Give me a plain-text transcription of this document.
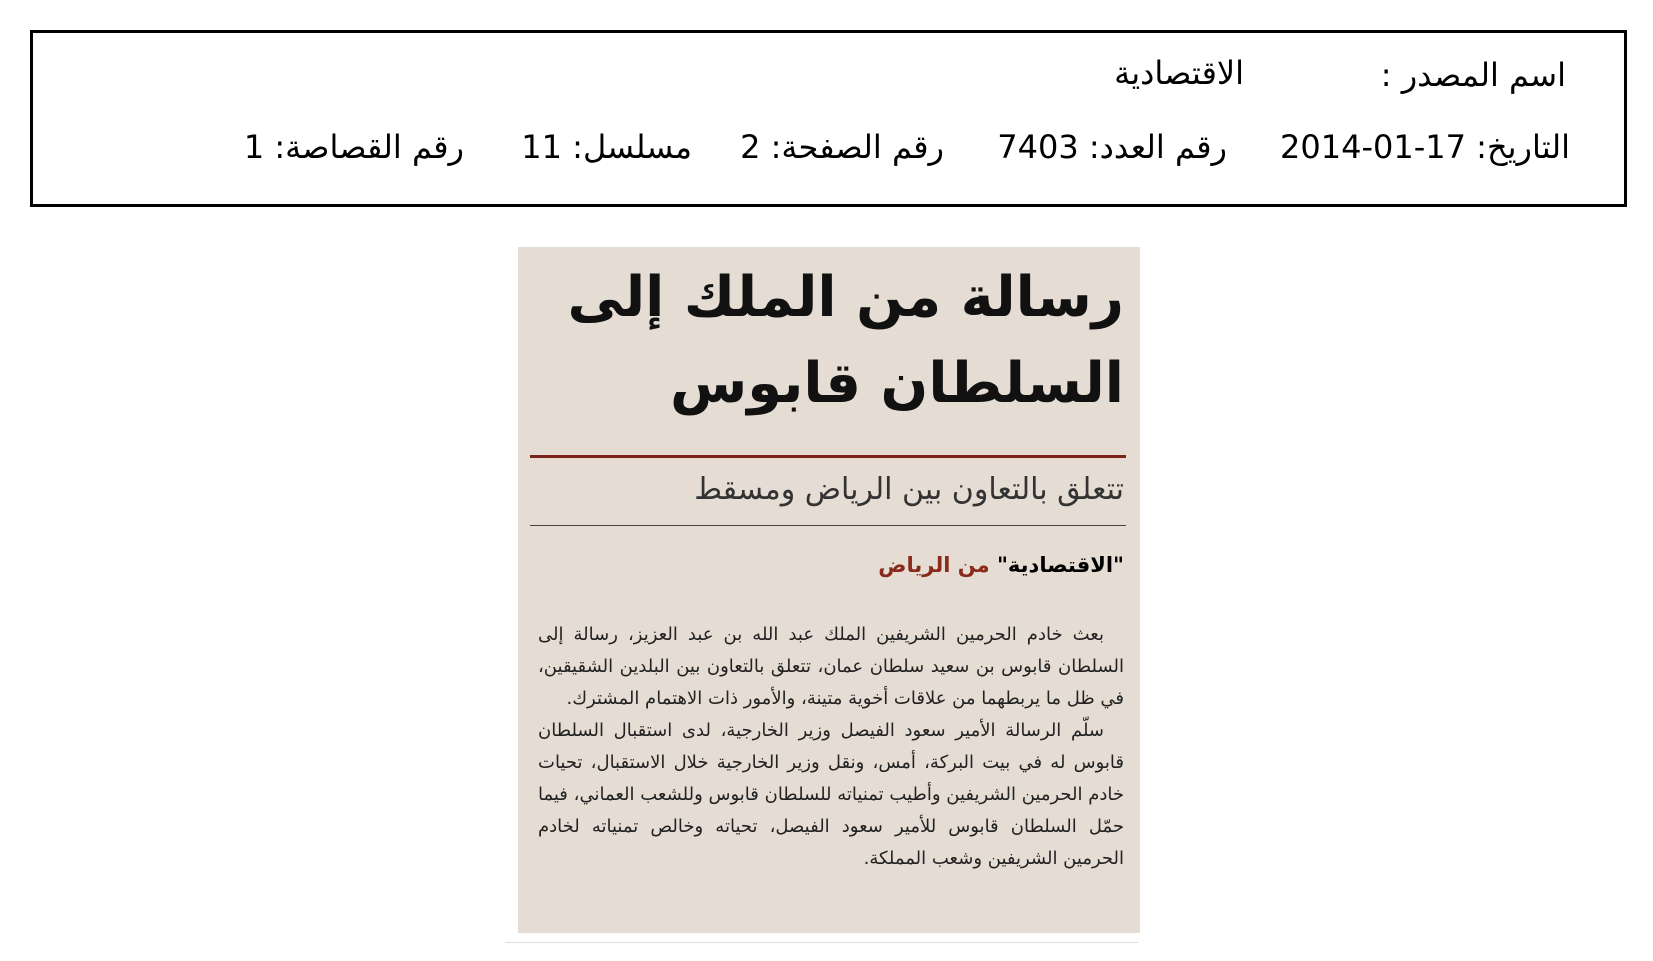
اسم المصدر :
الاقتصادية
التاريخ: 17-01-2014
رقم العدد: 7403
رقم الصفحة: 2
مسلسل: 11
رقم القصاصة: 1
رسالة من الملك إلى
السلطان قابوس
تتعلق بالتعاون بين الرياض ومسقط
"الاقتصادية" من الرياض

بعث خادم الحرمين الشريفين الملك عبد الله بن عبد العزيز، رسالة إلى السلطان قابوس بن سعيد سلطان عمان، تتعلق بالتعاون بين البلدين الشقيقين، في ظل ما يربطهما من علاقات أخوية متينة، والأمور ذات الاهتمام المشترك.

سلّم الرسالة الأمير سعود الفيصل وزير الخارجية، لدى استقبال السلطان قابوس له في بيت البركة، أمس، ونقل وزير الخارجية خلال الاستقبال، تحيات خادم الحرمين الشريفين وأطيب تمنياته للسلطان قابوس وللشعب العماني، فيما حمّل السلطان قابوس للأمير سعود الفيصل، تحياته وخالص تمنياته لخادم الحرمين الشريفين وشعب المملكة.
